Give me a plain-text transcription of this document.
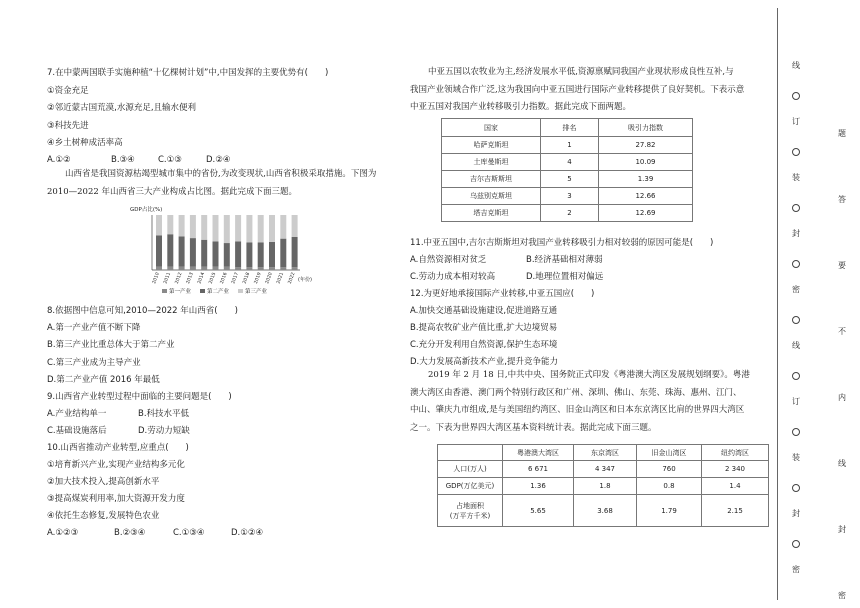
7.在中蒙两国联手实施种植“十亿棵树计划”中,中国发挥的主要优势有(　　)
①资金充足
②邻近蒙古国荒漠,水源充足,且输水便利
③科技先进
④乡土树种成活率高
A.①②	B.③④	C.①③	D.②④
山西省是我国资源枯竭型城市集中的省份,为改变现状,山西省积极采取措施。下图为
2010—2022 年山西省三大产业构成占比图。据此完成下面三题。
GDP占比(%)
2010 2011 2012 2013 2014 2015 2016 2017 2018 2019 2020 2021 2022 (年份)
第一产业	第二产业	第三产业
8.依据图中信息可知,2010—2022 年山西省(　　)
A.第一产业产值不断下降
B.第三产业比重总体大于第二产业
C.第三产业成为主导产业
D.第二产业产值 2016 年最低
9.山西省产业转型过程中面临的主要问题是(　　)
A.产业结构单一	B.科技水平低
C.基础设施落后	D.劳动力短缺
10.山西省推动产业转型,应重点(　　)
①培育新兴产业,实现产业结构多元化
②加大技术投入,提高创新水平
③提高煤炭利用率,加大资源开发力度
④依托生态修复,发展特色农业
A.①②③	B.②③④	C.①③④	D.①②④
中亚五国以农牧业为主,经济发展水平低,资源禀赋同我国产业现状形成良性互补,与
我国产业领域合作广泛,这为我国向中亚五国进行国际产业转移提供了良好契机。下表示意
中亚五国对我国产业转移吸引力指数。据此完成下面两题。
国家	排名	吸引力指数
哈萨克斯坦	1	27.82
土库曼斯坦	4	10.09
吉尔吉斯斯坦	5	1.39
乌兹别克斯坦	3	12.66
塔吉克斯坦	2	12.69
11.中亚五国中,吉尔吉斯斯坦对我国产业转移吸引力相对较弱的原因可能是(　　)
A.自然资源相对贫乏	B.经济基础相对薄弱
C.劳动力成本相对较高	D.地理位置相对偏远
12.为更好地承接国际产业转移,中亚五国应(　　)
A.加快交通基础设施建设,促进道路互通
B.提高农牧矿业产值比重,扩大边境贸易
C.充分开发利用自然资源,保护生态环境
D.大力发展高新技术产业,提升竞争能力
2019 年 2 月 18 日,中共中央、国务院正式印发《粤港澳大湾区发展规划纲要》。粤港
澳大湾区由香港、澳门两个特别行政区和广州、深圳、佛山、东莞、珠海、惠州、江门、
中山、肇庆九市组成,是与美国纽约湾区、旧金山湾区和日本东京湾区比肩的世界四大湾区
之一。下表为世界四大湾区基本资料统计表。据此完成下面三题。
	粤港澳大湾区	东京湾区	旧金山湾区	纽约湾区
人口(万人)	6 671	4 347	760	2 340
GDP(万亿美元)	1.36	1.8	0.8	1.4

占地面积
(万平方千米)	5.65	3.68	1.79	2.15
线
订
装
封
密
线
订
装
封
密
题
答
要
不
内
线
封
密
